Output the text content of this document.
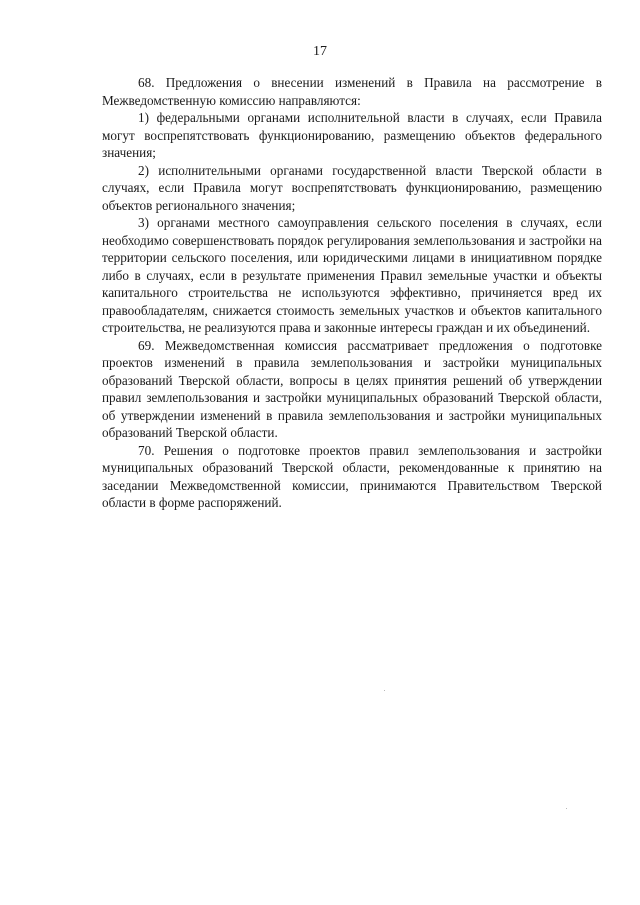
17

68. Предложения о внесении изменений в Правила на рассмотрение в Межведомственную комиссию направляются:

1) федеральными органами исполнительной власти в случаях, если Правила могут воспрепятствовать функционированию, размещению объектов федерального значения;

2) исполнительными органами государственной власти Тверской области в случаях, если Правила могут воспрепятствовать функционированию, размещению объектов регионального значения;

3) органами местного самоуправления сельского поселения в случаях, если необходимо совершенствовать порядок регулирования землепользования и застройки на территории сельского поселения, или юридическими лицами в инициативном порядке либо в случаях, если в результате применения Правил земельные участки и объекты капитального строительства не используются эффективно, причиняется вред их правообладателям, снижается стоимость земельных участков и объектов капитального строительства, не реализуются права и законные интересы граждан и их объединений.

69. Межведомственная комиссия рассматривает предложения о подготовке проектов изменений в правила землепользования и застройки муниципальных образований Тверской области, вопросы в целях принятия решений об утверждении правил землепользования и застройки муниципальных образований Тверской области, об утверждении изменений в правила землепользования и застройки муниципальных образований Тверской области.

70. Решения о подготовке проектов правил землепользования и застройки муниципальных образований Тверской области, рекомендованные к принятию на заседании Межведомственной комиссии, принимаются Правительством Тверской области в форме распоряжений.
